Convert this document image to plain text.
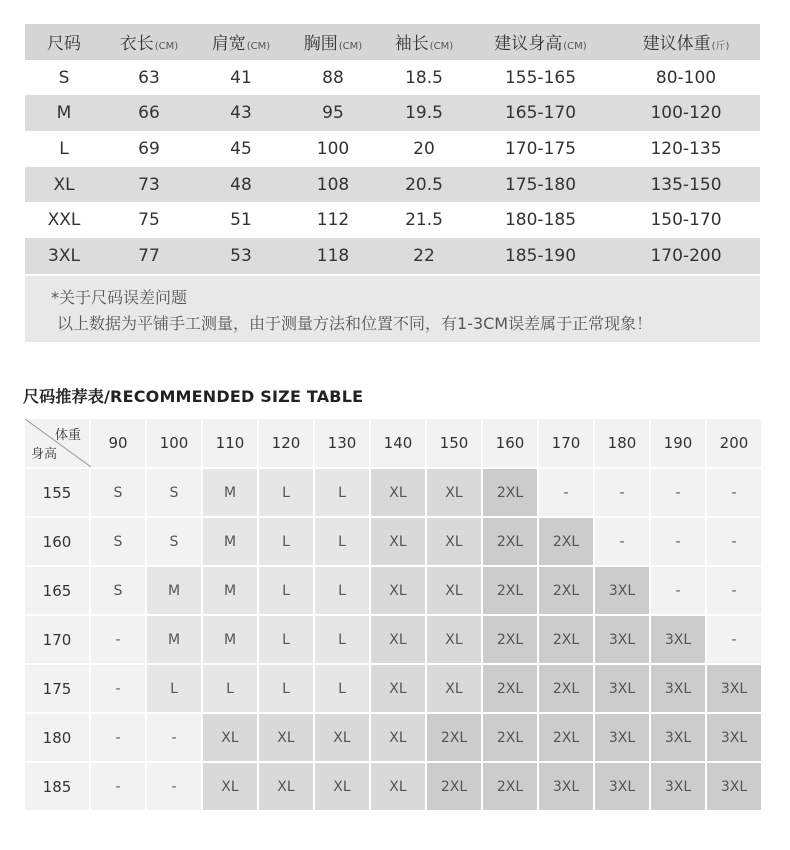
尺码	衣长(CM)	肩宽(CM)	胸围(CM)	袖长(CM)	建议身高(CM)	建议体重(斤)
S	63	41	88	18.5	155-165	80-100
M	66	43	95	19.5	165-170	100-120
L	69	45	100	20	170-175	120-135
XL	73	48	108	20.5	175-180	135-150
XXL	75	51	112	21.5	180-185	150-170
3XL	77	53	118	22	185-190	170-200
*关于尺码误差问题
以上数据为平铺手工测量，由于测量方法和位置不同，有1-3CM误差属于正常现象！
尺码推荐表/RECOMMENDED SIZE TABLE
体重
身高	90	100	110	120	130	140	150	160	170	180	190	200
155	S	S	M	L	L	XL	XL	2XL	-	-	-	-
160	S	S	M	L	L	XL	XL	2XL	2XL	-	-	-
165	S	M	M	L	L	XL	XL	2XL	2XL	3XL	-	-
170	-	M	M	L	L	XL	XL	2XL	2XL	3XL	3XL	-
175	-	L	L	L	L	XL	XL	2XL	2XL	3XL	3XL	3XL
180	-	-	XL	XL	XL	XL	2XL	2XL	2XL	3XL	3XL	3XL
185	-	-	XL	XL	XL	XL	2XL	2XL	3XL	3XL	3XL	3XL
